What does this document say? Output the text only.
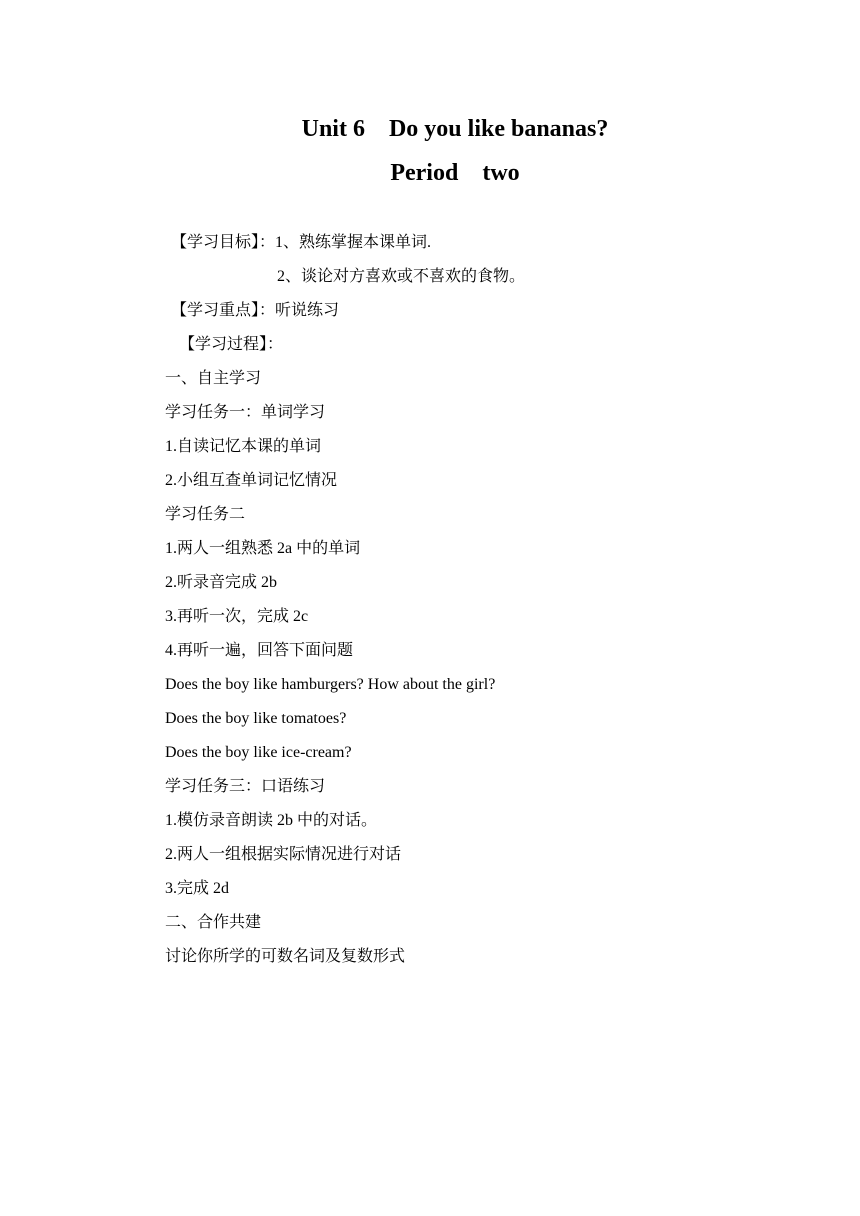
Unit 6    Do you like bananas?
Period    two

【学习目标】：1、熟练掌握本课单词.

2、谈论对方喜欢或不喜欢的食物。

【学习重点】：听说练习

【学习过程】：

一、自主学习

学习任务一：单词学习

1.自读记忆本课的单词

2.小组互查单词记忆情况

学习任务二

1.两人一组熟悉 2a 中的单词

2.听录音完成 2b

3.再听一次，完成 2c

4.再听一遍，回答下面问题

Does the boy like hamburgers? How about the girl?

Does the boy like tomatoes?

Does the boy like ice-cream?

学习任务三：口语练习

1.模仿录音朗读 2b 中的对话。

2.两人一组根据实际情况进行对话

3.完成 2d

二、合作共建

讨论你所学的可数名词及复数形式
